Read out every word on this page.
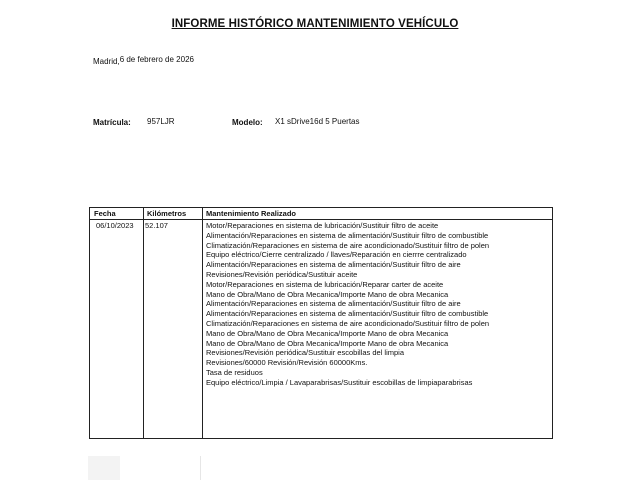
INFORME HISTÓRICO MANTENIMIENTO VEHÍCULO
Madrid,6 de febrero de 2026
Matrícula: 957LJR	Modelo: X1 sDrive16d 5 Puertas
Fecha	Kilómetros	Mantenimiento Realizado
06/10/2023 52.107	Motor/Reparaciones en sistema de lubricación/Sustituir filtro de aceite
Alimentación/Reparaciones en sistema de alimentación/Sustituir filtro de combustible
Climatización/Reparaciones en sistema de aire acondicionado/Sustituir filtro de polen
Equipo eléctrico/Cierre centralizado / llaves/Reparación en cierrre centralizado
Alimentación/Reparaciones en sistema de alimentación/Sustituir filtro de aire
Revisiones/Revisión periódica/Sustituir aceite
Motor/Reparaciones en sistema de lubricación/Reparar carter de aceite
Mano de Obra/Mano de Obra Mecanica/Importe Mano de obra Mecanica
Alimentación/Reparaciones en sistema de alimentación/Sustituir filtro de aire
Alimentación/Reparaciones en sistema de alimentación/Sustituir filtro de combustible
Climatización/Reparaciones en sistema de aire acondicionado/Sustituir filtro de polen
Mano de Obra/Mano de Obra Mecanica/Importe Mano de obra Mecanica
Mano de Obra/Mano de Obra Mecanica/Importe Mano de obra Mecanica
Revisiones/Revisión periódica/Sustituir escobillas del limpia
Revisiones/60000 Revisión/Revisión 60000Kms.
Tasa de residuos
Equipo eléctrico/Limpia / Lavaparabrisas/Sustituir escobillas de limpiaparabrisas
